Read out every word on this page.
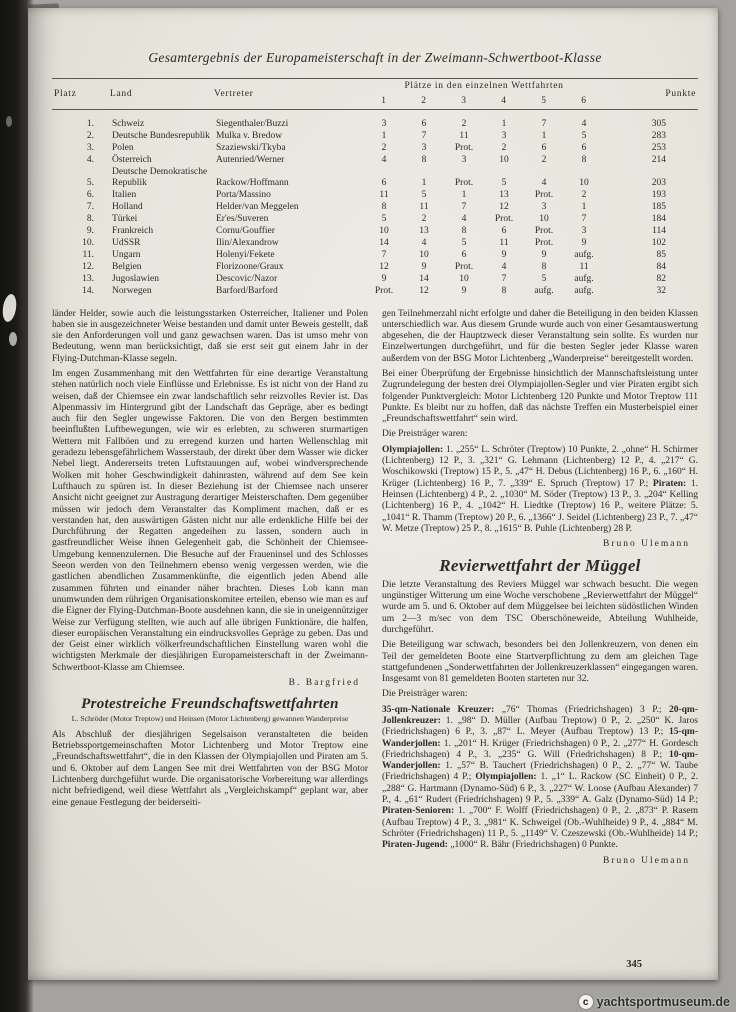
Gesamtergebnis der Europameisterschaft in der Zweimann-Schwertboot-Klasse
Platz	Land	Vertreter	Plätze in den einzelnen Wettfahrten						Punkte
			1	2	3	4	5	6	
1.	Schweiz	Siegenthaler/Buzzi	3	6	2	1	7	4	305
2.	Deutsche Bundesrepublik	Mulka v. Bredow	1	7	11	3	1	5	283
3.	Polen	Szaziewski/Tkyba	2	3	Prot.	2	6	6	253
4.	Österreich	Autenried/Werner	4	8	3	10	2	8	214
5.	Deutsche Demokratische Republik	Rackow/Hoffmann	6	1	Prot.	5	4	10	203
6.	Italien	Porta/Massino	11	5	1	13	Prot.	2	193
7.	Holland	Helder/van Meggelen	8	11	7	12	3	1	185
8.	Türkei	Er'es/Suveren	5	2	4	Prot.	10	7	184
9.	Frankreich	Cornu/Gouffier	10	13	8	6	Prot.	3	114
10.	UdSSR	Ilin/Alexandrow	14	4	5	11	Prot.	9	102
11.	Ungarn	Holenyi/Fekete	7	10	6	9	9	aufg.	85
12.	Belgien	Florizoone/Graux	12	9	Prot.	4	8	11	84
13.	Jugoslawien	Descovic/Nazor	9	14	10	7	5	aufg.	82
14.	Norwegen	Barford/Barford	Prot.	12	9	8	aufg.	aufg.	32

länder Helder, sowie auch die leistungsstarken Österreicher, Italiener und Polen haben sie in ausgezeichneter Weise bestanden und damit unter Beweis gestellt, daß sie den Anforderungen voll und ganz gewachsen waren. Das ist umso mehr von Bedeutung, wenn man berücksichtigt, daß sie erst seit gut einem Jahr in der Flying-Dutchman-Klasse segeln.

Im engen Zusammenhang mit den Wettfahrten für eine derartige Veranstaltung stehen natürlich noch viele Einflüsse und Erlebnisse. Es ist nicht von der Hand zu weisen, daß der Chiemsee ein zwar landschaftlich sehr reizvolles Revier ist. Das Alpenmassiv im Hintergrund gibt der Landschaft das Gepräge, aber es bedingt auch für den Segler ungewisse Faktoren. Die von den Bergen bestimmten beeinflußten Luftbewegungen, wie wir es erlebten, zu schweren sturmartigen Wettern mit Fallböen und zu erregend kurzen und harten Wellenschlag mit geradezu lebensgefährlichem Wasserstaub, der direkt über dem Wasser wie dicker Nebel liegt. Andererseits treten Luftstauungen auf, wobei windversprechende Wolken mit hoher Geschwindigkeit dahinrasten, während auf dem See kein Lufthauch zu spüren ist. In dieser Beziehung ist der Chiemsee nach unserer Ansicht nicht geeignet zur Austragung derartiger Meisterschaften. Dem gegenüber müssen wir jedoch dem Veranstalter das Kompliment machen, daß er es verstanden hat, den auswärtigen Gästen nicht nur alle erdenkliche Hilfe bei der Durchführung der Regatten angedeihen zu lassen, sondern auch in gastfreundlicher Weise ihnen Gelegenheit gab, die Schönheit der Chiemsee-Umgebung kennenzulernen. Die Besuche auf der Fraueninsel und des Schlosses Seeon werden von den Teilnehmern ebenso wenig vergessen werden, wie die gastlichen abendlichen Zusammenkünfte, die eigentlich jeden Abend alle zusammen führten und einander näher brachten. Dieses Lob kann man unumwunden dem rührigen Organisationskomitee erteilen, ebenso wie man es auf die Eigner der Flying-Dutchman-Boote ausdehnen kann, die sie in uneigennütziger Weise zur Verfügung stellten, wie auch auf alle übrigen Funktionäre, die halfen, dieser europäischen Veranstaltung ein eindrucksvolles Gepräge zu geben. Das und der Geist einer wirklich völkerfreundschaftlichen Einstellung waren wohl die wichtigsten Merkmale der diesjährigen Europameisterschaft in der Zweimann-Schwertboot-Klasse am Chiemsee.

B. Bargfried
Protestreiche Freundschaftswettfahrten
L. Schröder (Motor Treptow) und Heinsen (Motor Lichtenberg) gewannen Wanderpreise

Als Abschluß der diesjährigen Segelsaison veranstalteten die beiden Betriebssportgemeinschaften Motor Lichtenberg und Motor Treptow eine „Freundschaftswettfahrt“, die in den Klassen der Olympiajollen und Piraten am 5. und 6. Oktober auf dem Langen See mit drei Wettfahrten von der BSG Motor Lichtenberg durchgeführt wurde. Die organisatorische Vorbereitung war allerdings nicht befriedigend, weil diese Wettfahrt als „Vergleichskampf“ geplant war, aber eine genaue Festlegung der beiderseiti-

gen Teilnehmerzahl nicht erfolgte und daher die Beteiligung in den beiden Klassen unterschiedlich war. Aus diesem Grunde wurde auch von einer Gesamtauswertung abgesehen, die der Hauptzweck dieser Veranstaltung sein sollte. Es wurden nur Einzelwertungen durchgeführt, und für die besten Segler jeder Klasse waren außerdem von der BSG Motor Lichtenberg „Wanderpreise“ bereitgestellt worden.

Bei einer Überprüfung der Ergebnisse hinsichtlich der Mannschaftsleistung unter Zugrundelegung der besten drei Olympiajollen-Segler und vier Piraten ergibt sich folgender Punktvergleich: Motor Lichtenberg 120 Punkte und Motor Treptow 111 Punkte. Es bleibt nur zu hoffen, daß das nächste Treffen ein Musterbeispiel einer „Freundschaftswettfahrt“ sein wird.

Die Preisträger waren:

Olympiajollen: 1. „255“ L. Schröter (Treptow) 10 Punkte, 2. „ohne“ H. Schirmer (Lichtenberg) 12 P., 3. „321“ G. Lehmann (Lichtenberg) 12 P., 4. „217“ G. Woschikowski (Treptow) 15 P., 5. „47“ H. Debus (Lichtenberg) 16 P., 6. „160“ H. Krüger (Lichtenberg) 16 P., 7. „339“ E. Spruch (Treptow) 17 P.; Piraten: 1. Heinsen (Lichtenberg) 4 P., 2. „1030“ M. Söder (Treptow) 13 P., 3. „204“ Kelling (Lichtenberg) 16 P., 4. „1042“ H. Liedtke (Treptow) 16 P., weitere Plätze: 5. „1041“ R. Thamm (Treptow) 20 P., 6. „1366“ J. Seidel (Lichtenberg) 23 P., 7. „47“ W. Metze (Treptow) 25 P., 8. „1615“ B. Puhle (Lichtenberg) 28 P.

Bruno Ulemann
Revierwettfahrt der Müggel

Die letzte Veranstaltung des Reviers Müggel war schwach besucht. Die wegen ungünstiger Witterung um eine Woche verschobene „Revierwettfahrt der Müggel“ wurde am 5. und 6. Oktober auf dem Müggelsee bei leichten südöstlichen Winden um 2—3 m/sec von dem TSC Oberschöneweide, Abteilung Wuhlheide, durchgeführt.

Die Beteiligung war schwach, besonders bei den Jollenkreuzern, von denen ein Teil der gemeldeten Boote eine Startverpflichtung zu dem am gleichen Tage stattgefundenen „Sonderwettfahrten der Jollenkreuzerklassen“ eingegangen waren. Insgesamt von 81 gemeldeten Booten starteten nur 32.

Die Preisträger waren:

35-qm-Nationale Kreuzer: „76“ Thomas (Friedrichshagen) 3 P.; 20-qm-Jollenkreuzer: 1. „98“ D. Müller (Aufbau Treptow) 0 P., 2. „250“ K. Jaros (Friedrichshagen) 6 P., 3. „87“ L. Meyer (Aufbau Treptow) 13 P.; 15-qm-Wanderjollen: 1. „201“ H. Krüger (Friedrichshagen) 0 P., 2. „277“ H. Gordesch (Friedrichshagen) 4 P., 3. „235“ G. Will (Friedrichshagen) 8 P.; 10-qm-Wanderjollen: 1. „57“ B. Tauchert (Friedrichshagen) 0 P., 2. „77“ W. Taube (Friedrichshagen) 4 P.; Olympiajollen: 1. „1“ L. Rackow (SC Einheit) 0 P., 2. „288“ G. Hartmann (Dynamo-Süd) 6 P., 3. „227“ W. Loose (Aufbau Alexander) 7 P., 4. „61“ Rudert (Friedrichshagen) 9 P., 5. „339“ A. Galz (Dynamo-Süd) 14 P.; Piraten-Senioren: 1. „700“ F. Wolff (Friedrichshagen) 0 P., 2. „873“ P. Rasem (Aufbau Treptow) 4 P., 3. „981“ K. Schweigel (Ob.-Wuhlheide) 9 P., 4. „884“ M. Schröter (Friedrichshagen) 11 P., 5. „1149“ V. Czeszewski (Ob.-Wuhlheide) 14 P.; Piraten-Jugend: „1000“ R. Bähr (Friedrichshagen) 0 Punkte.

Bruno Ulemann
345
c yachtsportmuseum.de
